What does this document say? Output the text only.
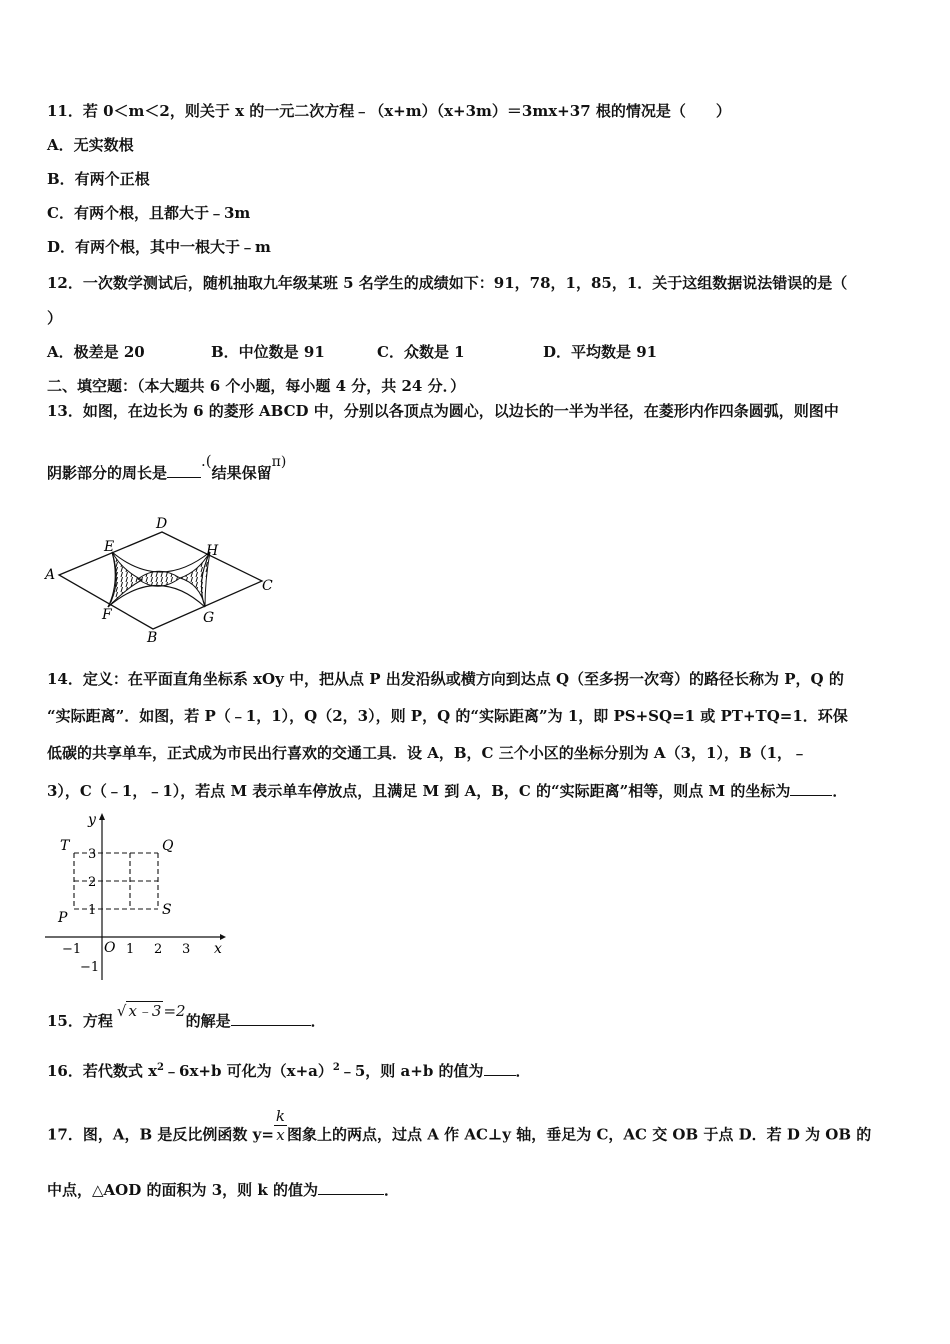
11．若 0＜m＜2，则关于 x 的一元二次方程﹣（x+m）（x+3m）＝3mx+37 根的情况是（　　）
A．无实数根
B．有两个正根
C．有两个根，且都大于﹣3m
D．有两个根，其中一根大于﹣m
12．一次数学测试后，随机抽取九年级某班 5 名学生的成绩如下：91，78，1，85，1．关于这组数据说法错误的是（
）
A．极差是 20	B．中位数是 91	C．众数是 1	D．平均数是 91
二、填空题：（本大题共 6 个小题，每小题 4 分，共 24 分．）
13．如图，在边长为 6 的菱形 ABCD 中，分别以各顶点为圆心，以边长的一半为半径，在菱形内作四条圆弧，则图中
阴影部分的周长是.(结果保留π)
D
E	H
A
C
F	G
B
14．定义：在平面直角坐标系 xOy 中，把从点 P 出发沿纵或横方向到达点 Q（至多拐一次弯）的路径长称为 P，Q 的
“实际距离”．如图，若 P（﹣1，1），Q（2，3），则 P，Q 的“实际距离”为 1，即 PS+SQ=1 或 PT+TQ=1．环保
低碳的共享单车，正式成为市民出行喜欢的交通工具．设 A，B，C 三个小区的坐标分别为 A（3，1），B（1，﹣
3），C（﹣1，﹣1），若点 M 表示单车停放点，且满足 M 到 A，B，C 的“实际距离”相等，则点 M 的坐标为	．
3
2
1
−1
−1	1 2 3
y
x
O
T	Q
P	S
15．方程√ x﹣3 =2的解是	．
16．若代数式 $x^2﹣6x+b$ 可化为$(x+a)^2﹣5$，则 a+b 的值为 ．
17．图，A，B 是反比例函数 $y= \frac{k}{x}$ 图象上的两点，过点 A 作 AC⊥y 轴，垂足为 C，AC 交 OB 于点 D．若 D 为 OB 的
中点，△AOD 的面积为 3，则 k 的值为	．
